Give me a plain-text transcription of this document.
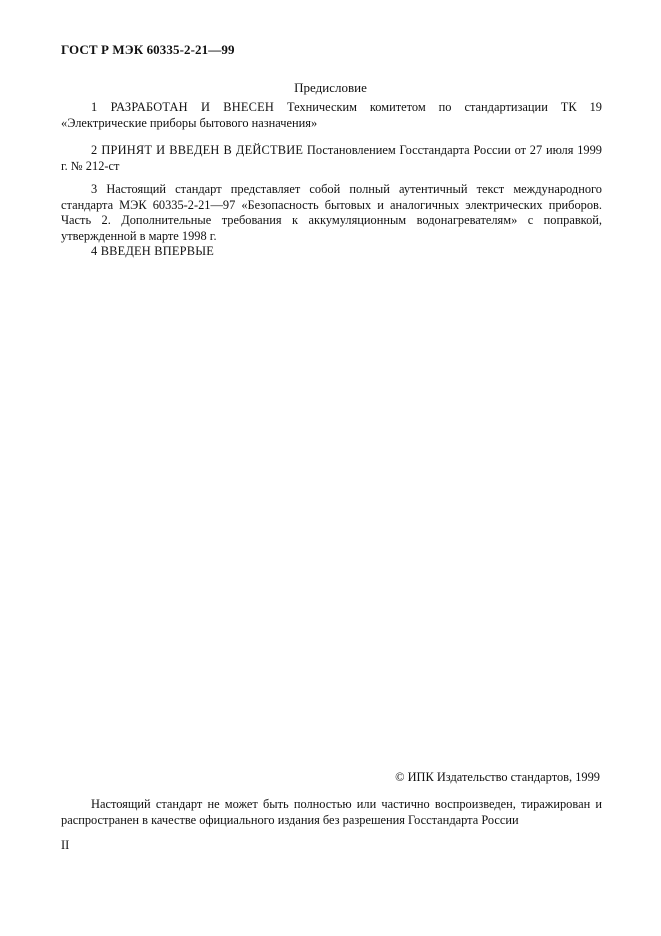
ГОСТ Р МЭК 60335-2-21—99
Предисловие

1 РАЗРАБОТАН И ВНЕСЕН Техническим комитетом по стандартизации ТК 19 «Электрические приборы бытового назначения»

2 ПРИНЯТ И ВВЕДЕН В ДЕЙСТВИЕ Постановлением Госстандарта России от 27 июля 1999 г. № 212-ст

3 Настоящий стандарт представляет собой полный аутентичный текст международного стандарта МЭК 60335-2-21—97 «Безопасность бытовых и аналогичных электрических приборов. Часть 2. Дополнительные требования к аккумуляционным водонагревателям» с поправкой, утвержденной в марте 1998 г.

4 ВВЕДЕН ВПЕРВЫЕ

© ИПК Издательство стандартов, 1999

Настоящий стандарт не может быть полностью или частично воспроизведен, тиражирован и распространен в качестве официального издания без разрешения Госстандарта России

II
